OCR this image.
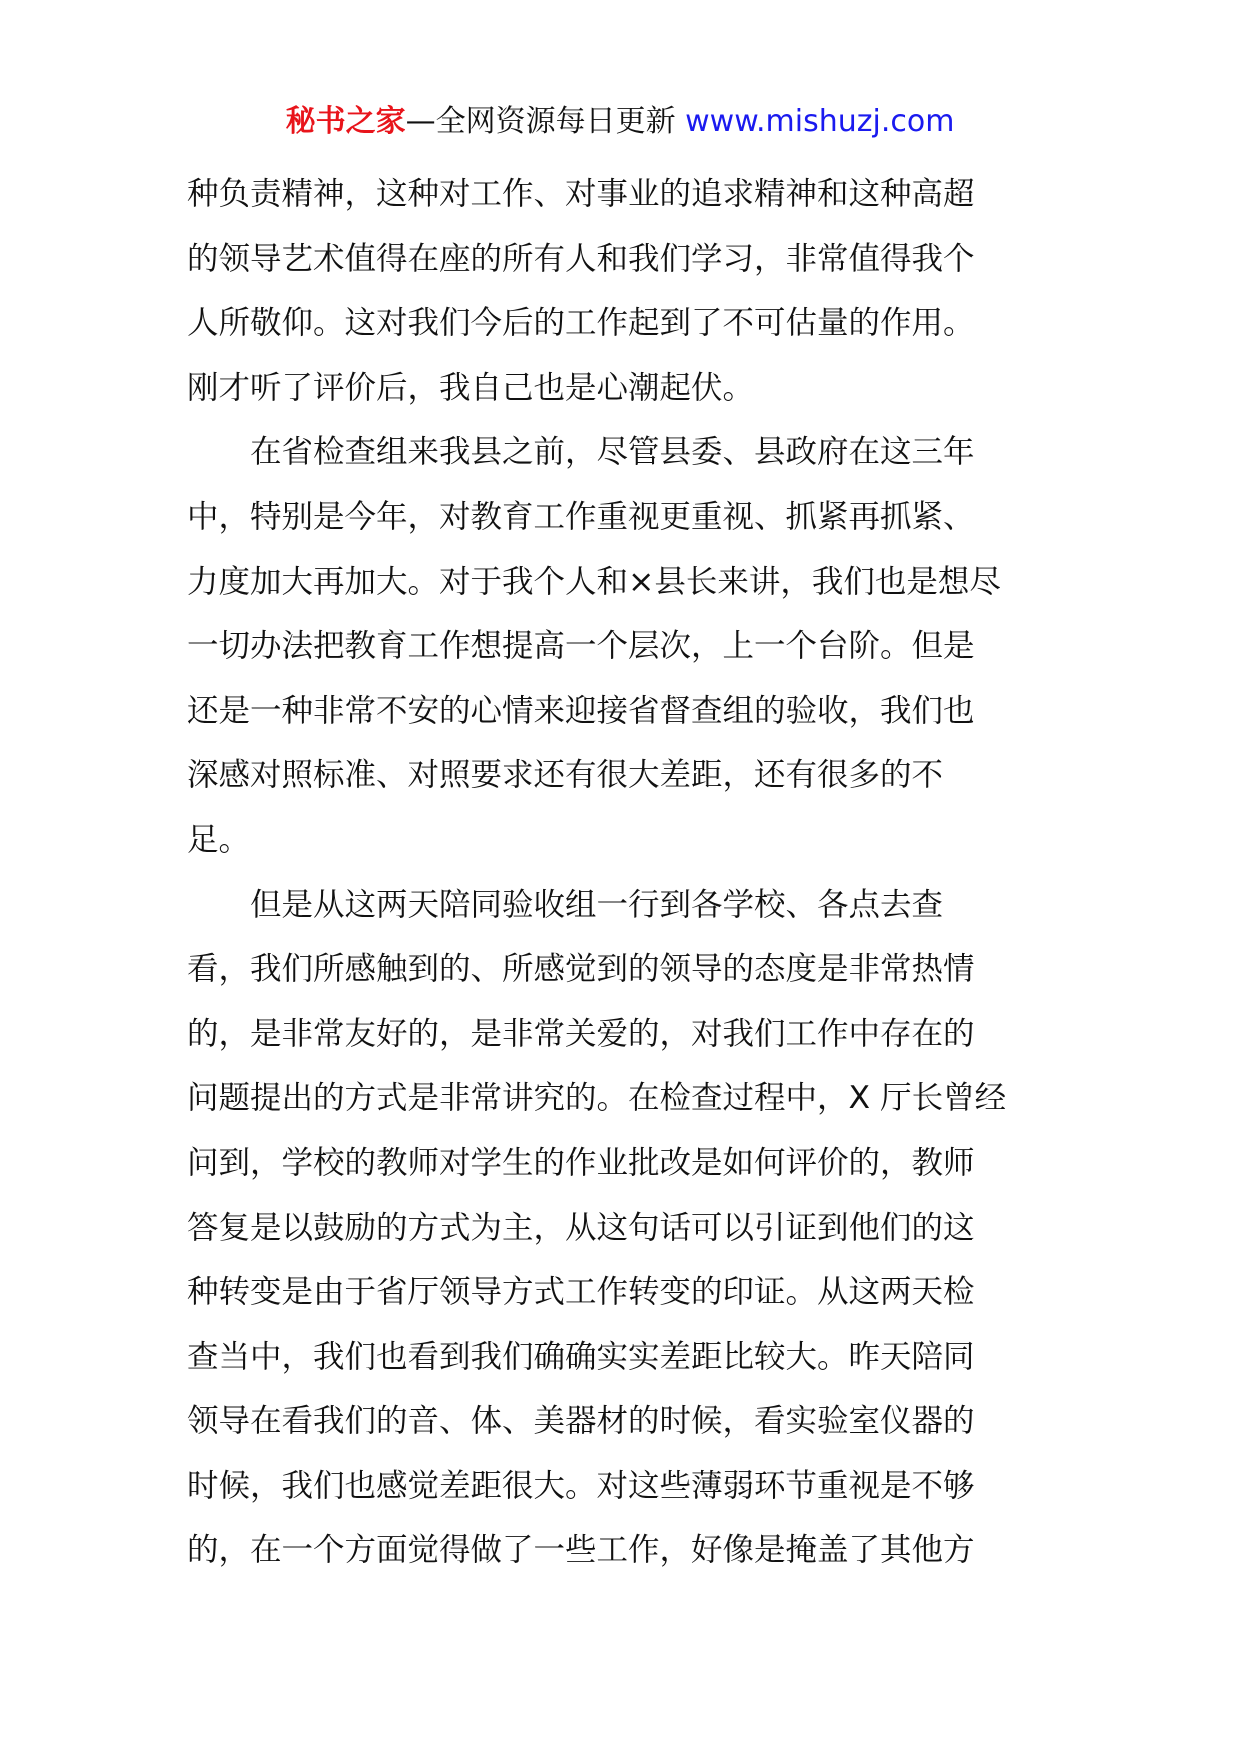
秘书之家—全网资源每日更新 www.mishuzj.com
种负责精神，这种对工作、对事业的追求精神和这种高超
的领导艺术值得在座的所有人和我们学习，非常值得我个
人所敬仰。这对我们今后的工作起到了不可估量的作用。
刚才听了评价后，我自己也是心潮起伏。
在省检查组来我县之前，尽管县委、县政府在这三年
中，特别是今年，对教育工作重视更重视、抓紧再抓紧、
力度加大再加大。对于我个人和×县长来讲，我们也是想尽
一切办法把教育工作想提高一个层次，上一个台阶。但是
还是一种非常不安的心情来迎接省督查组的验收，我们也
深感对照标准、对照要求还有很大差距，还有很多的不
足。
但是从这两天陪同验收组一行到各学校、各点去查
看，我们所感触到的、所感觉到的领导的态度是非常热情
的，是非常友好的，是非常关爱的，对我们工作中存在的
问题提出的方式是非常讲究的。在检查过程中，X 厅长曾经
问到，学校的教师对学生的作业批改是如何评价的，教师
答复是以鼓励的方式为主，从这句话可以引证到他们的这
种转变是由于省厅领导方式工作转变的印证。从这两天检
查当中，我们也看到我们确确实实差距比较大。昨天陪同
领导在看我们的音、体、美器材的时候，看实验室仪器的
时候，我们也感觉差距很大。对这些薄弱环节重视是不够
的，在一个方面觉得做了一些工作，好像是掩盖了其他方
